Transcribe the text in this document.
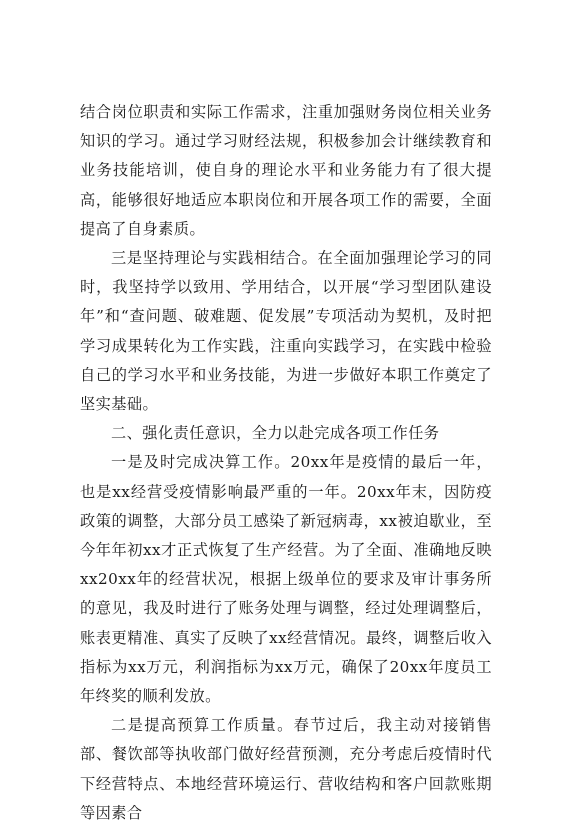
结合岗位职责和实际工作需求，注重加强财务岗位相关业务知识的学习。通过学习财经法规，积极参加会计继续教育和业务技能培训，使自身的理论水平和业务能力有了很大提高，能够很好地适应本职岗位和开展各项工作的需要，全面提高了自身素质。

三是坚持理论与实践相结合。在全面加强理论学习的同时，我坚持学以致用、学用结合，以开展“学习型团队建设年”和“查问题、破难题、促发展”专项活动为契机，及时把学习成果转化为工作实践，注重向实践学习，在实践中检验自己的学习水平和业务技能，为进一步做好本职工作奠定了坚实基础。

二、强化责任意识，全力以赴完成各项工作任务

一是及时完成决算工作。20xx年是疫情的最后一年，也是xx经营受疫情影响最严重的一年。20xx年末，因防疫政策的调整，大部分员工感染了新冠病毒，xx被迫歇业，至今年年初xx才正式恢复了生产经营。为了全面、准确地反映xx20xx年的经营状况，根据上级单位的要求及审计事务所的意见，我及时进行了账务处理与调整，经过处理调整后，账表更精准、真实了反映了xx经营情况。最终，调整后收入指标为xx万元，利润指标为xx万元，确保了20xx年度员工年终奖的顺利发放。

二是提高预算工作质量。春节过后，我主动对接销售部、餐饮部等执收部门做好经营预测，充分考虑后疫情时代下经营特点、本地经营环境运行、营收结构和客户回款账期等因素合
